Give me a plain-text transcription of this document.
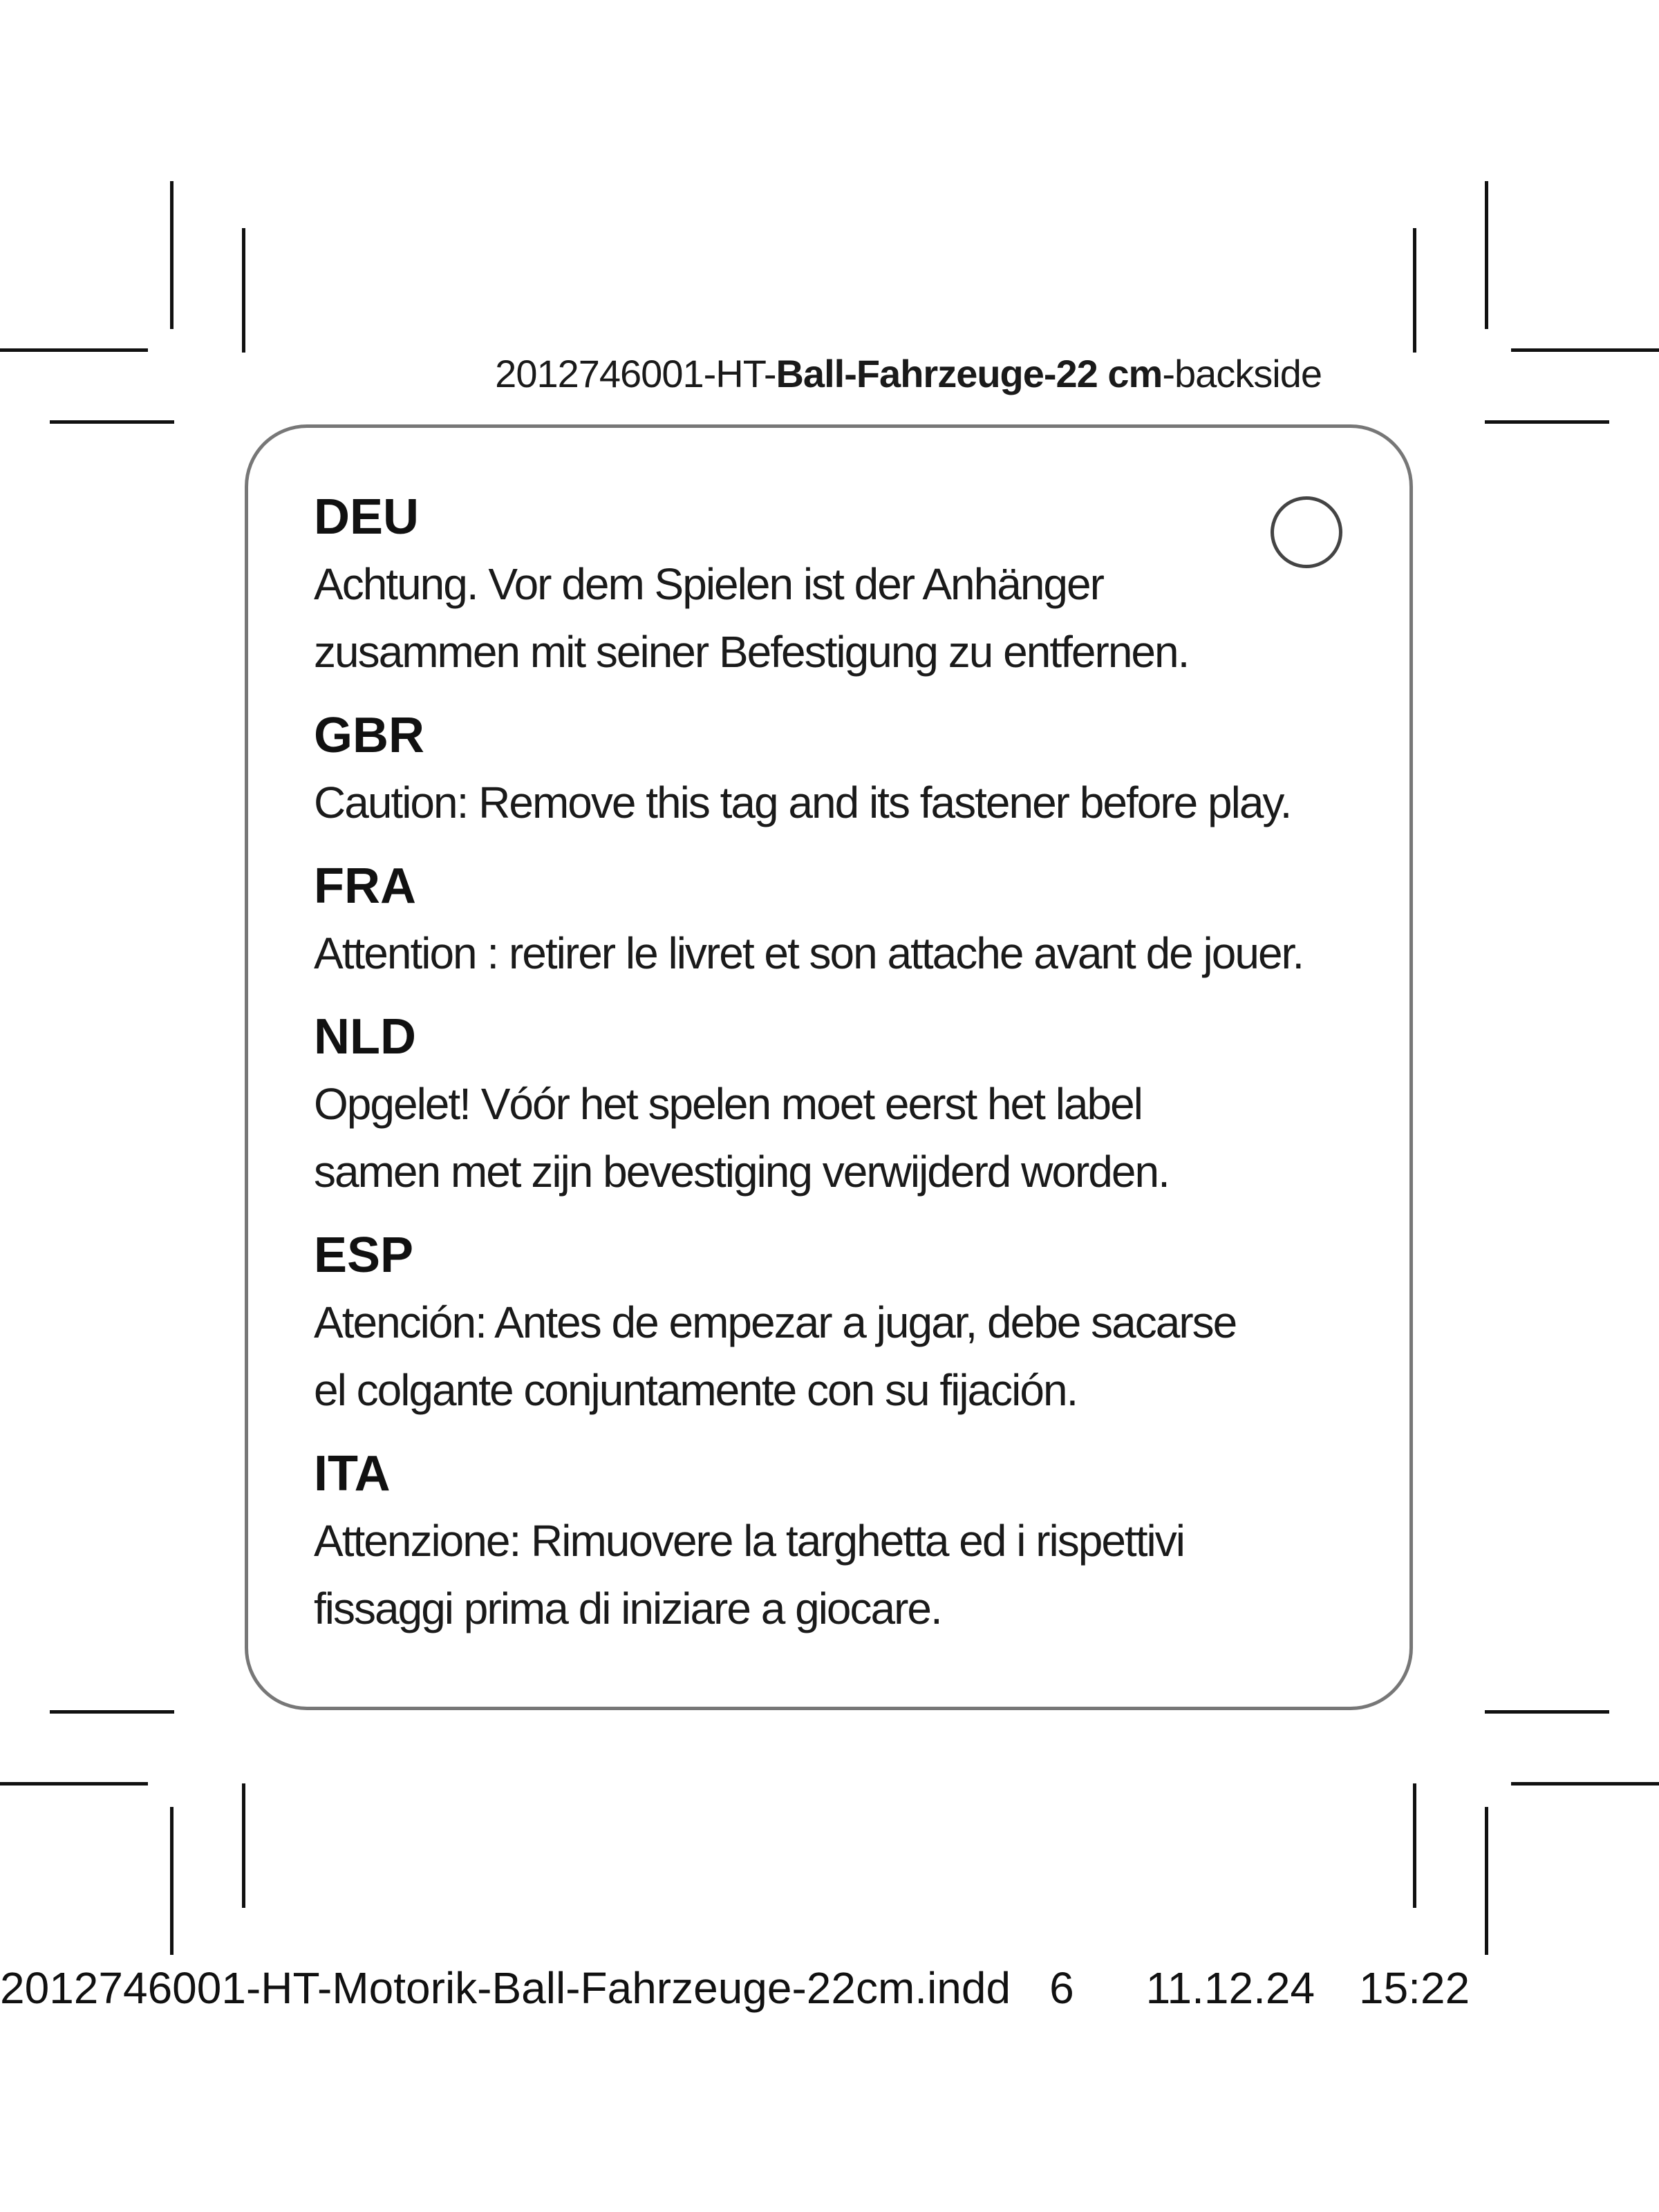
2012746001-HT-Ball-Fahrzeuge-22 cm-backside

DEU

Achtung. Vor dem Spielen ist der Anhänger
zusammen mit seiner Befestigung zu entfernen.

GBR

Caution: Remove this tag and its fastener before play.

FRA

Attention : retirer le livret et son attache avant de jouer.

NLD

Opgelet! Vóór het spelen moet eerst het label
samen met zijn bevestiging verwijderd worden.

ESP

Atención: Antes de empezar a jugar, debe sacarse
el colgante conjuntamente con su fijación.

ITA

Attenzione: Rimuovere la targhetta ed i rispettivi
fissaggi prima di iniziare a giocare.

2012746001-HT-Motorik-Ball-Fahrzeuge-22cm.indd 6 11.12.24 15:22
